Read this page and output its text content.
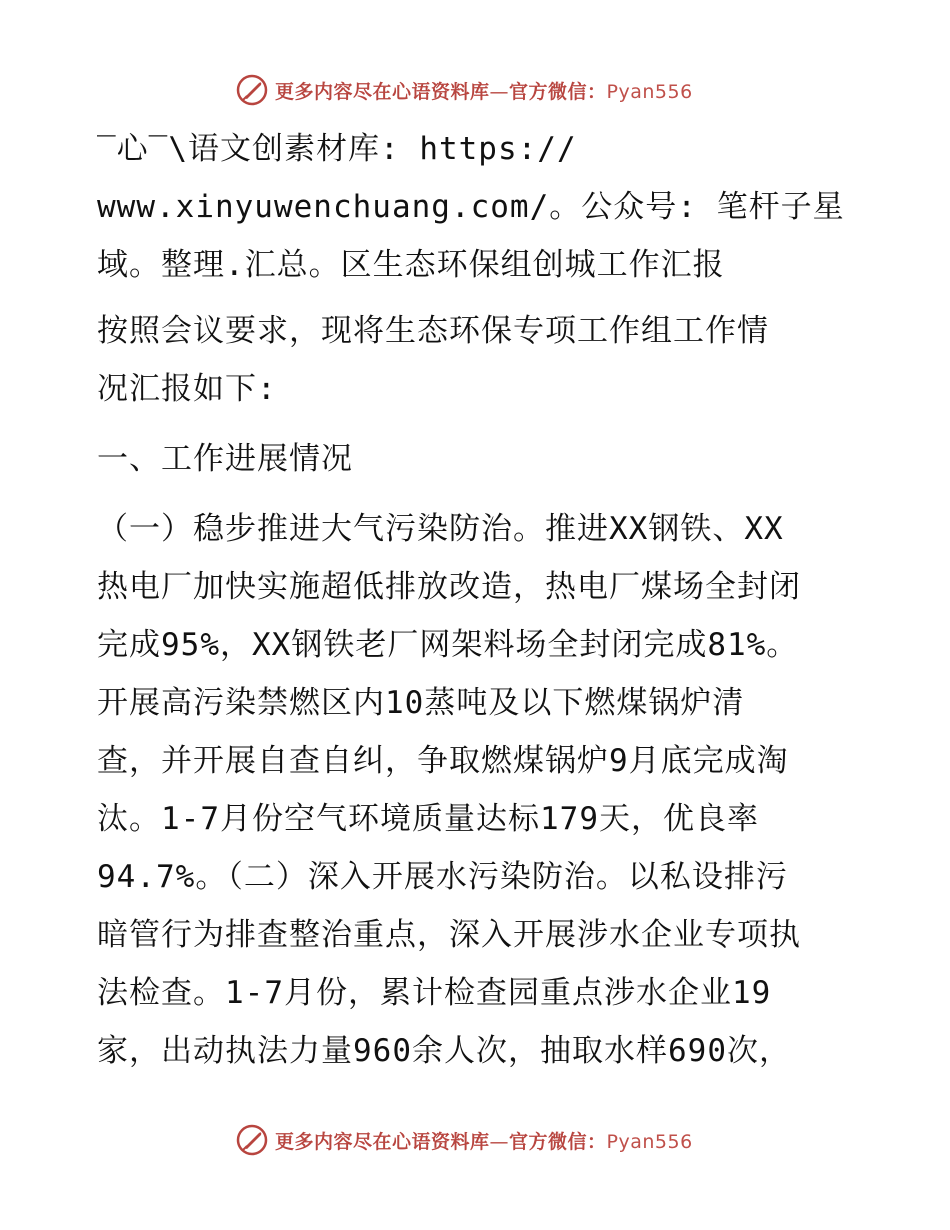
更多内容尽在心语资料库—官方微信：Pyan556

‾心‾\语文创素材库: https://

www.xinyuwenchuang.com/。公众号: 笔杆子星

域。整理.汇总。区生态环保组创城工作汇报

按照会议要求，现将生态环保专项工作组工作情

况汇报如下:

一、工作进展情况

（一）稳步推进大气污染防治。推进XX钢铁、XX

热电厂加快实施超低排放改造，热电厂煤场全封闭

完成95%，XX钢铁老厂网架料场全封闭完成81%。

开展高污染禁燃区内10蒸吨及以下燃煤锅炉清

查，并开展自查自纠，争取燃煤锅炉9月底完成淘

汰。1-7月份空气环境质量达标179天，优良率

94.7%。（二）深入开展水污染防治。以私设排污

暗管行为排查整治重点，深入开展涉水企业专项执

法检查。1-7月份，累计检查园重点涉水企业19

家，出动执法力量960余人次，抽取水样690次，

更多内容尽在心语资料库—官方微信：Pyan556
